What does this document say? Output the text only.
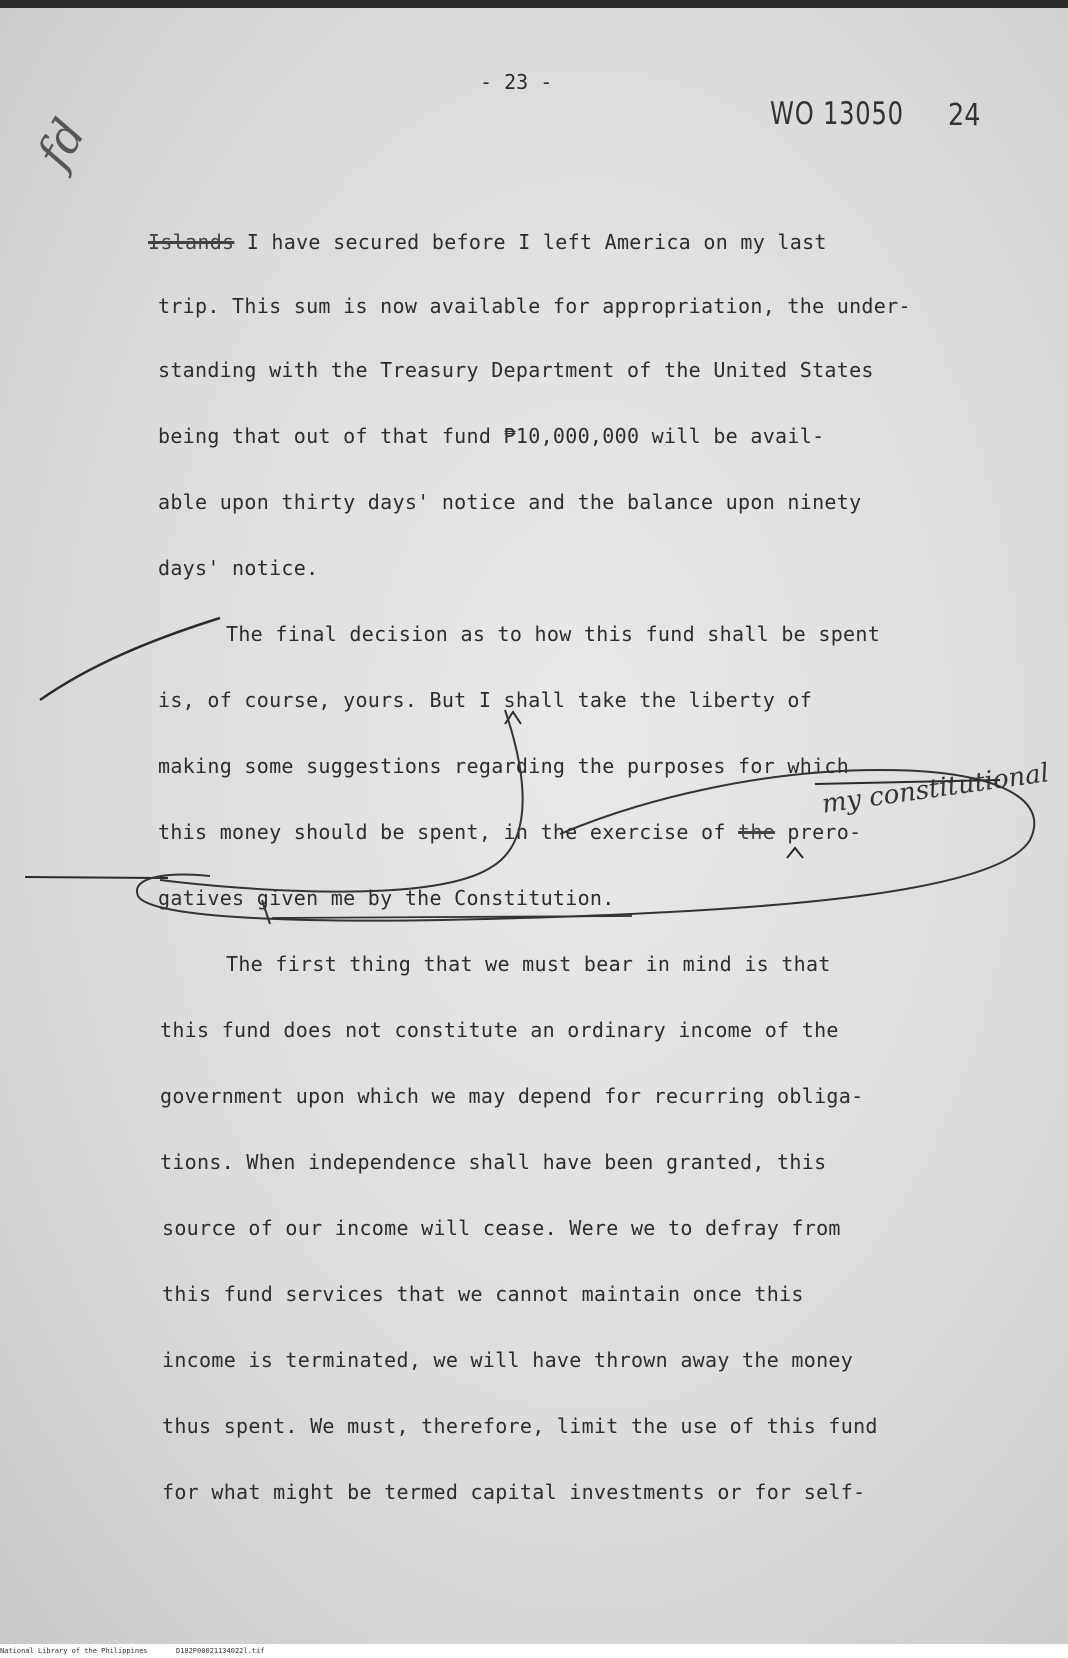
- 23 -
WO 13050 24
fd
Islands I have secured before I left America on my last
trip. This sum is now available for appropriation, the under-
standing with the Treasury Department of the United States
being that out of that fund ₱10,000,000 will be avail-
able upon thirty days' notice and the balance upon ninety
days' notice.
The final decision as to how this fund shall be spent
is, of course, yours. But I shall take the liberty of
making some suggestions regarding the purposes for which
this money should be spent, in the exercise of the prero-
gatives given me by the Constitution.
my constitutional
The first thing that we must bear in mind is that
this fund does not constitute an ordinary income of the
government upon which we may depend for recurring obliga-
tions. When independence shall have been granted, this
source of our income will cease. Were we to defray from
this fund services that we cannot maintain once this
income is terminated, we will have thrown away the money
thus spent. We must, therefore, limit the use of this fund
for what might be termed capital investments or for self-
National Library of the Philippines	D182P00021134022l.tif
